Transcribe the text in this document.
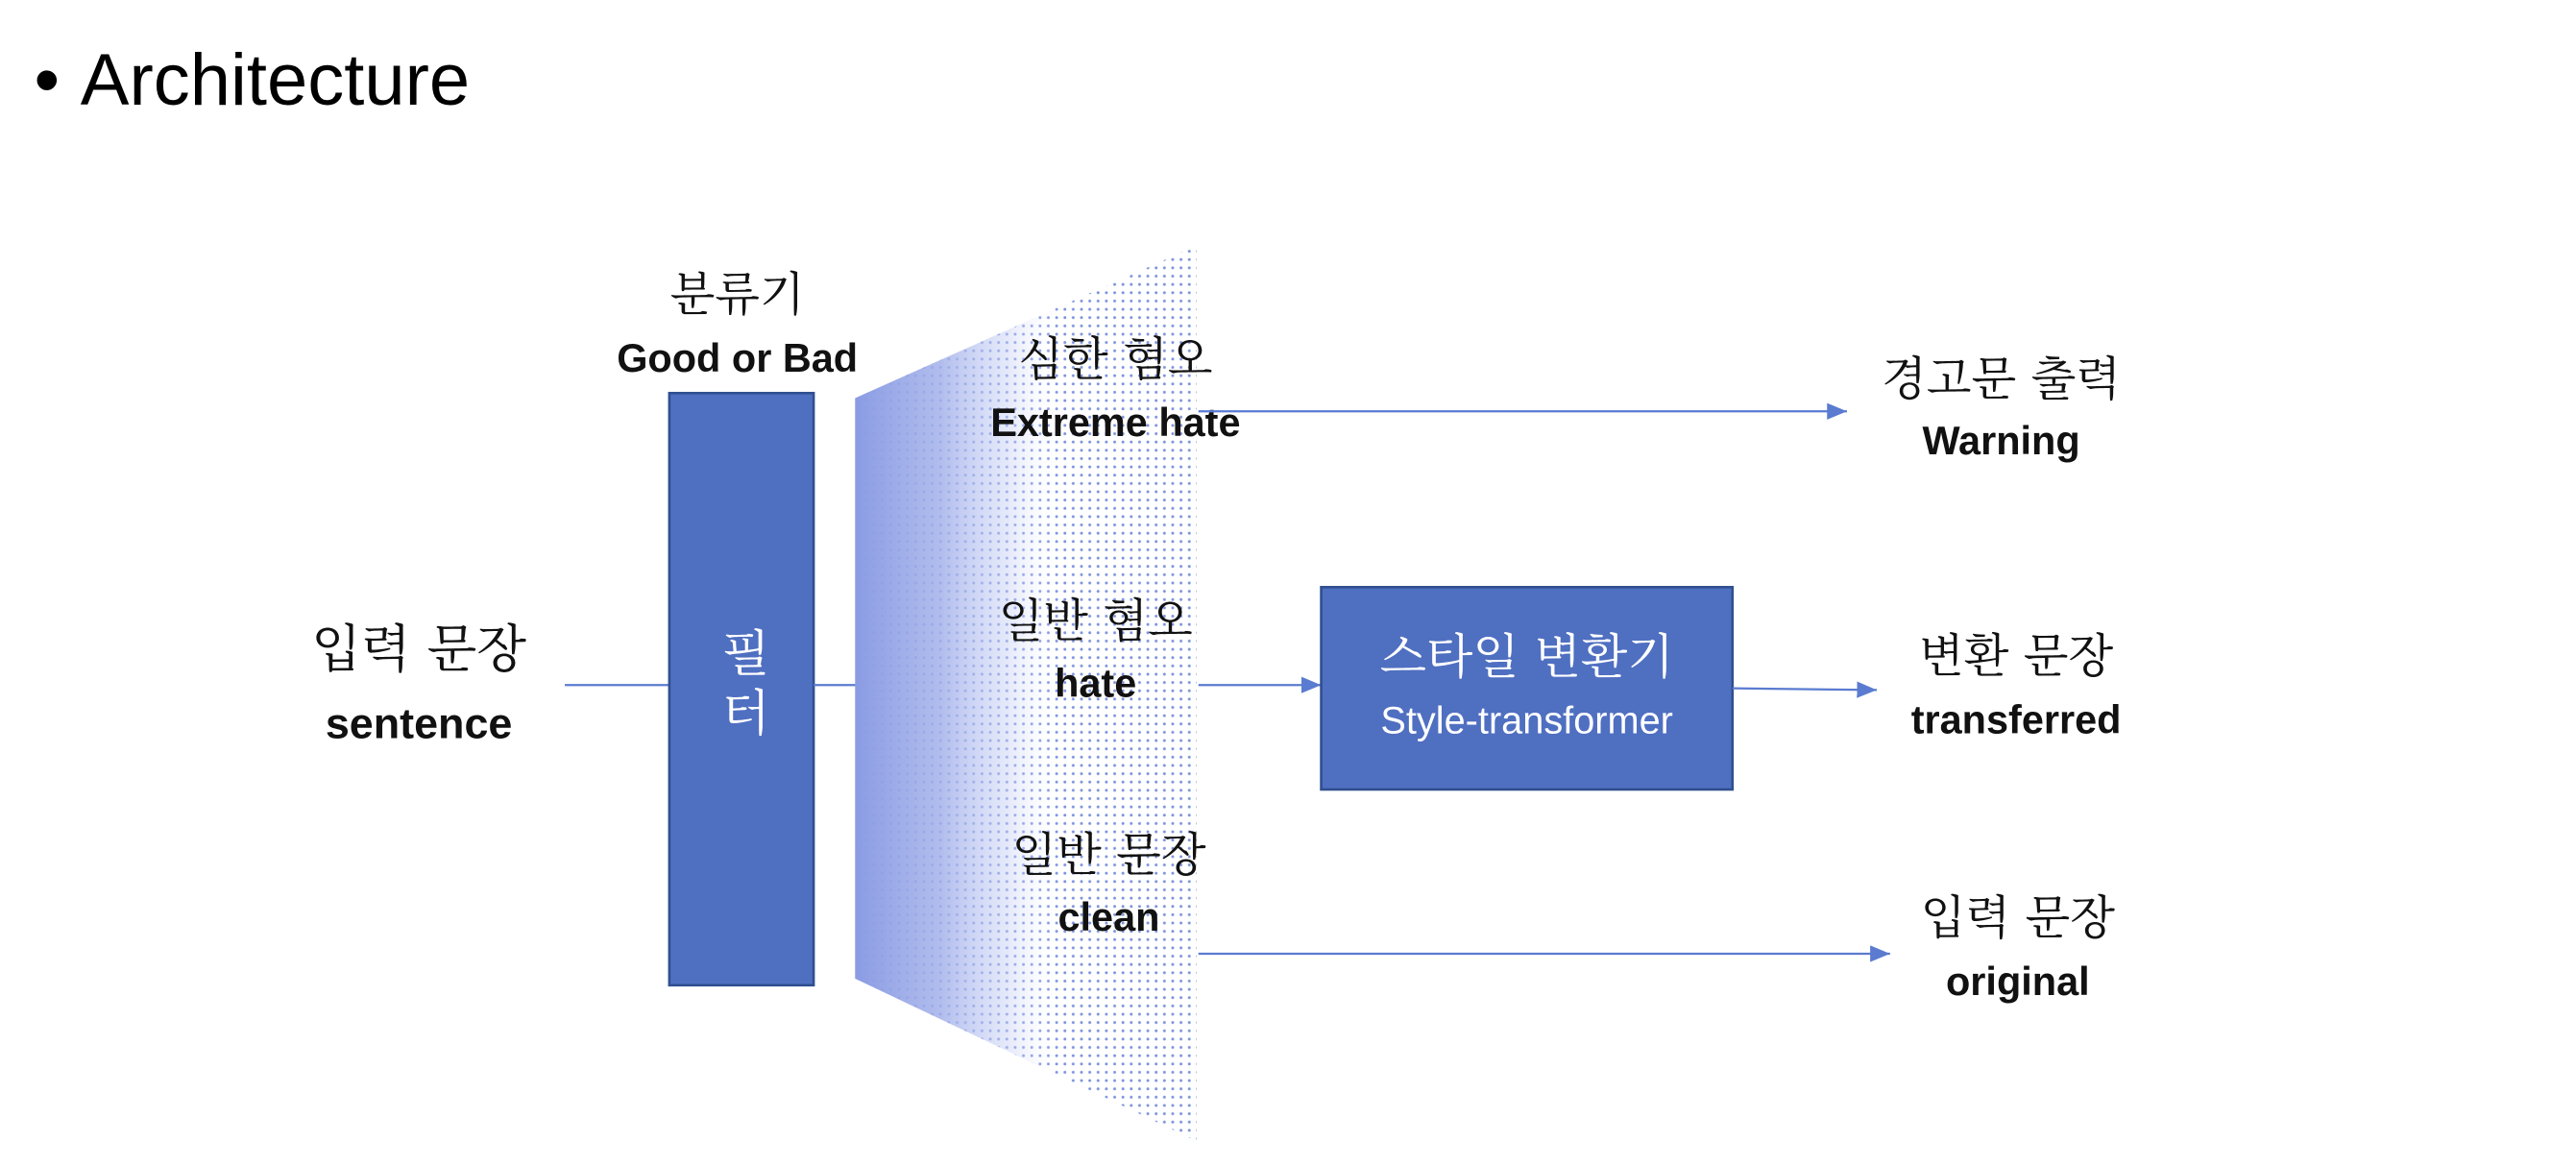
• Architecture
입력 문장
sentence
분류기
Good or Bad
필터
심한 혐오
Extreme hate
일반 혐오
hate
일반 문장
clean
스타일 변환기
Style-transformer
경고문 출력
Warning
변환 문장
transferred
입력 문장
original
